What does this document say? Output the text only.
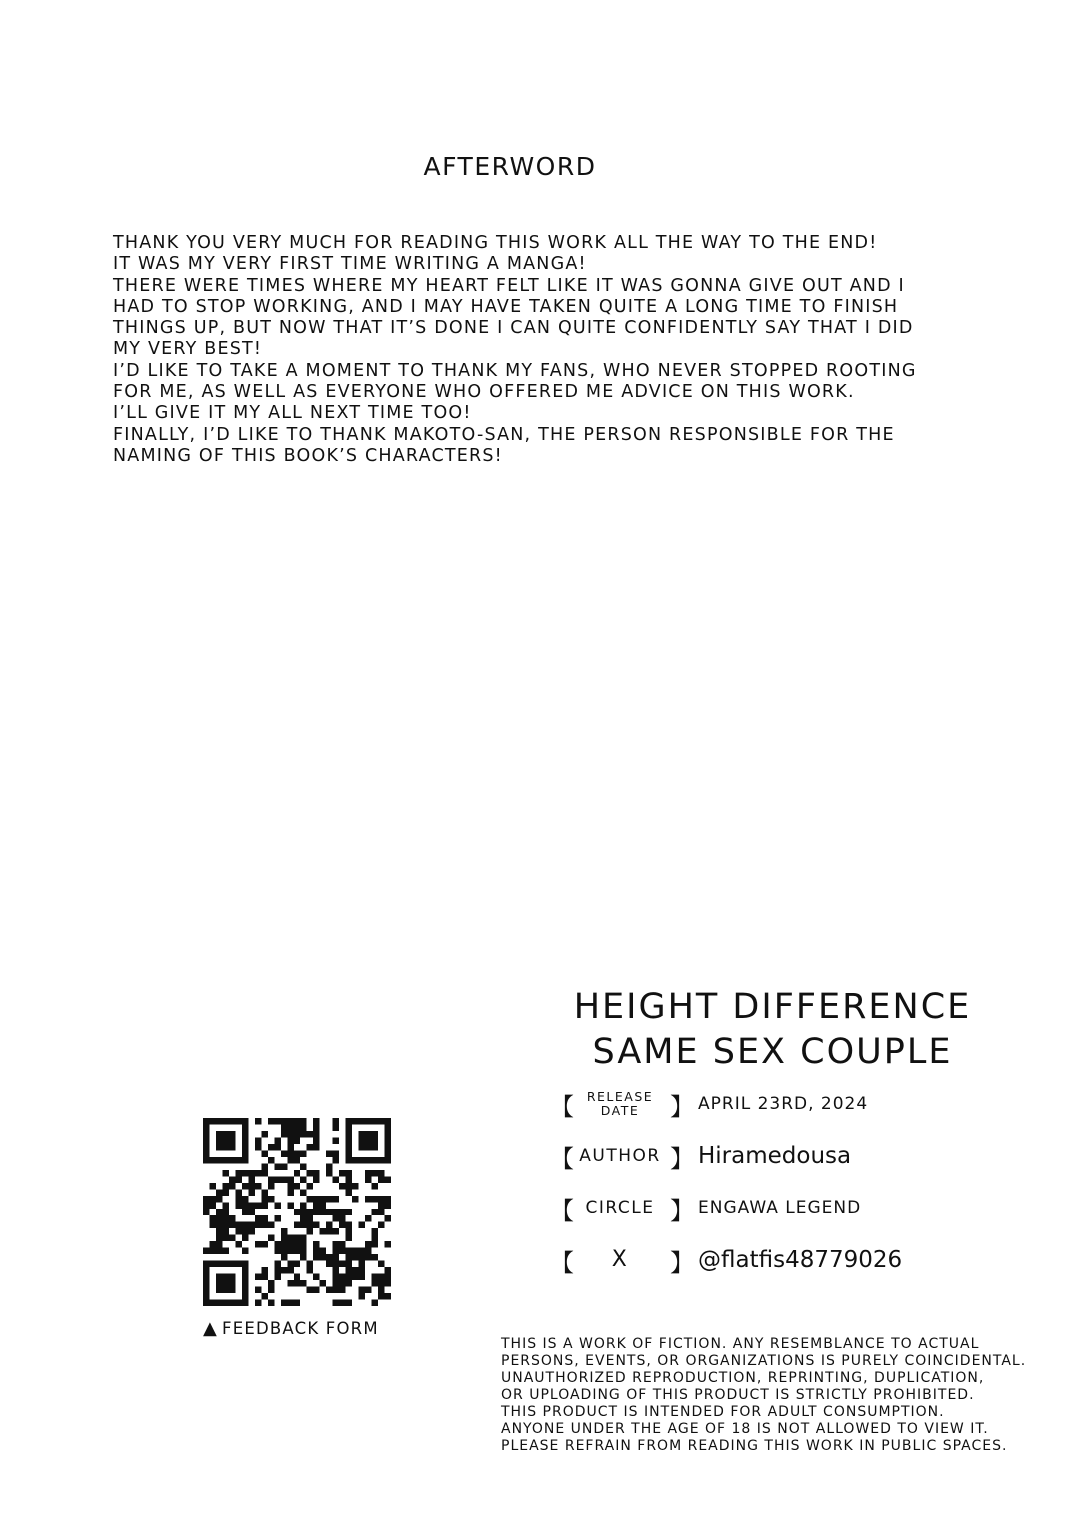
AFTERWORD
THANK YOU VERY MUCH FOR READING THIS WORK ALL THE WAY TO THE END!
IT WAS MY VERY FIRST TIME WRITING A MANGA!
THERE WERE TIMES WHERE MY HEART FELT LIKE IT WAS GONNA GIVE OUT AND I
HAD TO STOP WORKING, AND I MAY HAVE TAKEN QUITE A LONG TIME TO FINISH
THINGS UP, BUT NOW THAT IT’S DONE I CAN QUITE CONFIDENTLY SAY THAT I DID
MY VERY BEST!
I’D LIKE TO TAKE A MOMENT TO THANK MY FANS, WHO NEVER STOPPED ROOTING
FOR ME, AS WELL AS EVERYONE WHO OFFERED ME ADVICE ON THIS WORK.
I’LL GIVE IT MY ALL NEXT TIME TOO!
FINALLY, I’D LIKE TO THANK MAKOTO-SAN, THE PERSON RESPONSIBLE FOR THE
NAMING OF THIS BOOK’S CHARACTERS!
HEIGHT DIFFERENCE
SAME SEX COUPLE
【	RELEASE
DATE	】 APRIL 23RD, 2024
【 AUTHOR 】 Hiramedousa
【 CIRCLE 】 ENGAWA LEGEND
【	X	】 @flatfis48779026
▲ FEEDBACK FORM
THIS IS A WORK OF FICTION. ANY RESEMBLANCE TO ACTUAL
PERSONS, EVENTS, OR ORGANIZATIONS IS PURELY COINCIDENTAL.
UNAUTHORIZED REPRODUCTION, REPRINTING, DUPLICATION,
OR UPLOADING OF THIS PRODUCT IS STRICTLY PROHIBITED.
THIS PRODUCT IS INTENDED FOR ADULT CONSUMPTION.
ANYONE UNDER THE AGE OF 18 IS NOT ALLOWED TO VIEW IT.
PLEASE REFRAIN FROM READING THIS WORK IN PUBLIC SPACES.
